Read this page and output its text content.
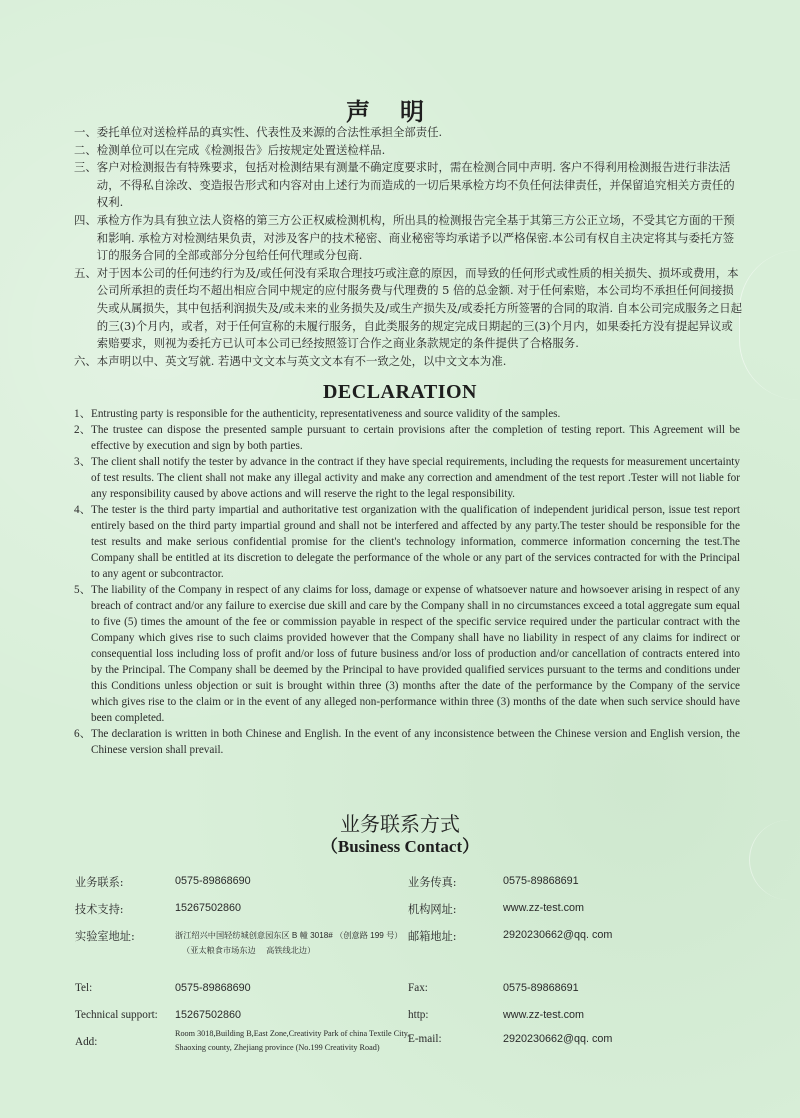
声明
一、 委托单位对送检样品的真实性、代表性及来源的合法性承担全部责任.
二、 检测单位可以在完成《检测报告》后按规定处置送检样品.
三、 客户对检测报告有特殊要求，包括对检测结果有测量不确定度要求时，需在检测合同中声明. 客户不得利用检测报告进行非法活动，不得私自涂改、变造报告形式和内容对由上述行为而造成的一切后果承检方均不负任何法律责任，并保留追究相关方责任的权利.
四、 承检方作为具有独立法人资格的第三方公正权威检测机构，所出具的检测报告完全基于其第三方公正立场，不受其它方面的干预和影响. 承检方对检测结果负责，对涉及客户的技术秘密、商业秘密等均承诺予以严格保密.本公司有权自主决定将其与委托方签订的服务合同的全部或部分分包给任何代理或分包商.
五、 对于因本公司的任何违约行为及/或任何没有采取合理技巧或注意的原因，而导致的任何形式或性质的相关损失、损坏或费用，本公司所承担的责任均不超出相应合同中规定的应付服务费与代理费的 5 倍的总金额. 对于任何索赔，本公司均不承担任何间接损失或从属损失，其中包括利润损失及/或未来的业务损失及/或生产损失及/或委托方所签署的合同的取消. 自本公司完成服务之日起的三(3)个月内，或者，对于任何宣称的未履行服务，自此类服务的规定完成日期起的三(3)个月内，如果委托方没有提起异议或索赔要求，则视为委托方已认可本公司已经按照签订合作之商业条款规定的条件提供了合格服务.
六、 本声明以中、英文写就. 若遇中文文本与英文文本有不一致之处，以中文文本为准.
DECLARATION
1、 Entrusting party is responsible for the authenticity, representativeness and source validity of the samples.
2、 The trustee can dispose the presented sample pursuant to certain provisions after the completion of testing report. This Agreement will be effective by execution and sign by both parties.
3、 The client shall notify the tester by advance in the contract if they have special requirements, including the requests for measurement uncertainty of test results. The client shall not make any illegal activity and make any correction and amendment of the test report .Tester will not liable for any responsibility caused by above actions and will reserve the right to the legal responsibility.
4、 The tester is the third party impartial and authoritative test organization with the qualification of independent juridical person, issue test report entirely based on the third party impartial ground and shall not be interfered and affected by any party.The tester should be responsible for the test results and make serious confidential promise for the client's technology information, commerce information concerning the test.The Company shall be entitled at its discretion to delegate the performance of the whole or any part of the services contracted for with the Principal to any agent or subcontractor.
5、 The liability of the Company in respect of any claims for loss, damage or expense of whatsoever nature and howsoever arising in respect of any breach of contract and/or any failure to exercise due skill and care by the Company shall in no circumstances exceed a total aggregate sum equal to five (5) times the amount of the fee or commission payable in respect of the specific service required under the particular contract with the Company which gives rise to such claims provided however that the Company shall have no liability in respect of any claims for indirect or consequential loss including loss of profit and/or loss of future business and/or loss of production and/or cancellation of contracts entered into by the Principal. The Company shall be deemed by the Principal to have provided qualified services pursuant to the terms and conditions under this Conditions unless objection or suit is brought within three (3) months after the date of the performance by the Company of the service which gives rise to the claim or in the event of any alleged non-performance within three (3) months of the date when such service should have been completed.
6、 The declaration is written in both Chinese and English. In the event of any inconsistence between the Chinese version and English version, the Chinese version shall prevail.
业务联系方式
（Business Contact）
业务联系:	0575-89868690	业务传真:	0575-89868691
技术支持:	15267502860	机构网址:	www.zz-test.com
实验室地址:	浙江绍兴中国轻纺城创意园东区 B 幢 3018# （创意路 199 号）
（亚太粮食市场东边　 高铁线北边）
邮箱地址:	2920230662@qq. com
Tel:	0575-89868690	Fax:	0575-89868691
Technical support: 15267502860	http:	www.zz-test.com
Add:
Room 3018,Building B,East Zone,Creativity Park of china Textile City,
Shaoxing county, Zhejiang province (No.199 Creativity Road)
E-mail:	2920230662@qq. com
